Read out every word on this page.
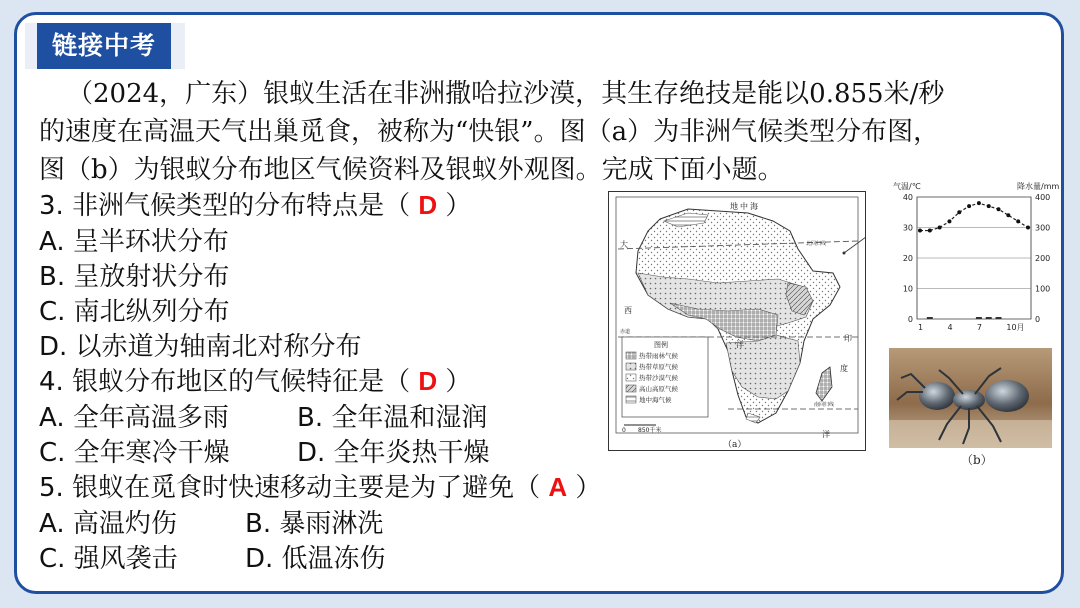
链接中考

（2024，广东）银蚁生活在非洲撒哈拉沙漠，其生存绝技是能以0.855米/秒

的速度在高温天气出巢觅食，被称为“快银”。图（a）为非洲气候类型分布图，

图（b）为银蚁分布地区气候资料及银蚁外观图。完成下面小题。

3. 非洲气候类型的分布特点是（ D ）
A. 呈半环状分布
B. 呈放射状分布
C. 南北纵列分布
D. 以赤道为轴南北对称分布
4. 银蚁分布地区的气候特征是（ D ）
A. 全年高温多雨	B. 全年温和湿润
C. 全年寒冷干燥	D. 全年炎热干燥
5. 银蚁在觅食时快速移动主要是为了避免（ A ）
A. 高温灼伤	B. 暴雨淋洗
C. 强风袭击	D. 低温冻伤
地 中 海
大
西
洋
印
度
洋
北回归线
赤道
南回归线
图例
热带雨林气候
热带草原气候
热带沙漠气候
高山高原气候
地中海气候
0 850千米
（a）
气温/℃	降水量/mm
40
30
20
10
0
400
300
200
100
0
1	4	7	10月
（b）
